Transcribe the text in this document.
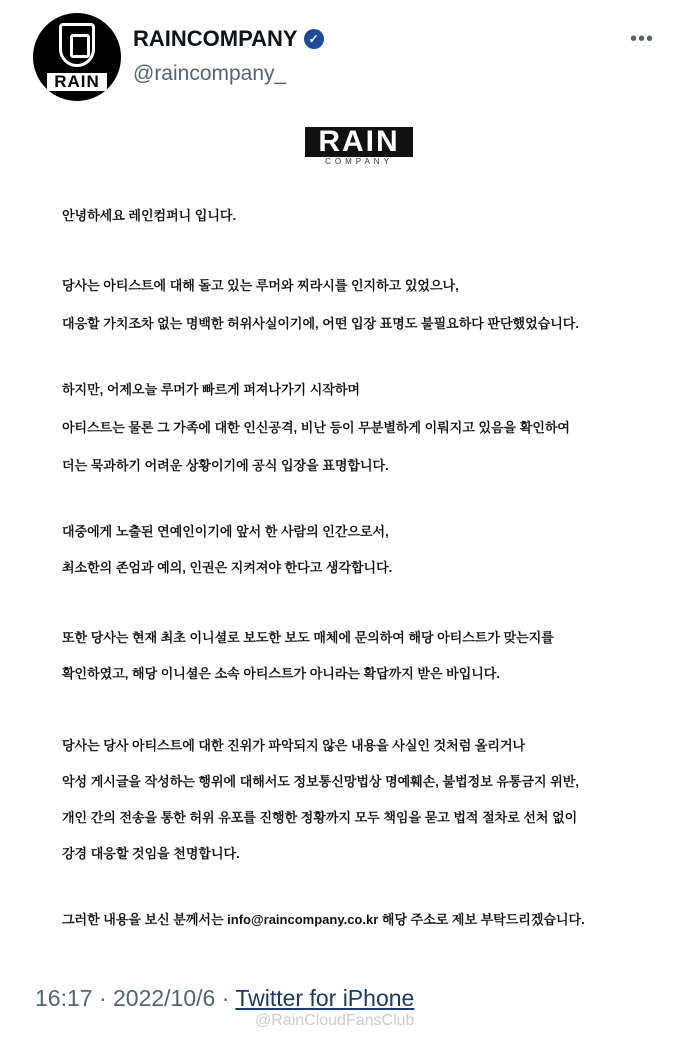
RAIN
RAINCOMPANY ✓
@raincompany_
•••
RAIN
COMPANY
안녕하세요 레인컴퍼니 입니다.
당사는 아티스트에 대해 돌고 있는 루머와 찌라시를 인지하고 있었으나,
대응할 가치조차 없는 명백한 허위사실이기에, 어떤 입장 표명도 불필요하다 판단했었습니다.
하지만, 어제오늘 루머가 빠르게 퍼져나가기 시작하며
아티스트는 물론 그 가족에 대한 인신공격, 비난 등이 무분별하게 이뤄지고 있음을 확인하여
더는 묵과하기 어려운 상황이기에 공식 입장을 표명합니다.
대중에게 노출된 연예인이기에 앞서 한 사람의 인간으로서,
최소한의 존엄과 예의, 인권은 지켜져야 한다고 생각합니다.
또한 당사는 현재 최초 이니셜로 보도한 보도 매체에 문의하여 해당 아티스트가 맞는지를
확인하였고, 해당 이니셜은 소속 아티스트가 아니라는 확답까지 받은 바입니다.
당사는 당사 아티스트에 대한 진위가 파악되지 않은 내용을 사실인 것처럼 올리거나
악성 게시글을 작성하는 행위에 대해서도 정보통신망법상 명예훼손, 불법정보 유통금지 위반,
개인 간의 전송을 통한 허위 유포를 진행한 정황까지 모두 책임을 묻고 법적 절차로 선처 없이
강경 대응할 것임을 천명합니다.
그러한 내용을 보신 분께서는 info@raincompany.co.kr 해당 주소로 제보 부탁드리겠습니다.
16:17 · 2022/10/6 · Twitter for iPhone
@RainCloudFansClub
